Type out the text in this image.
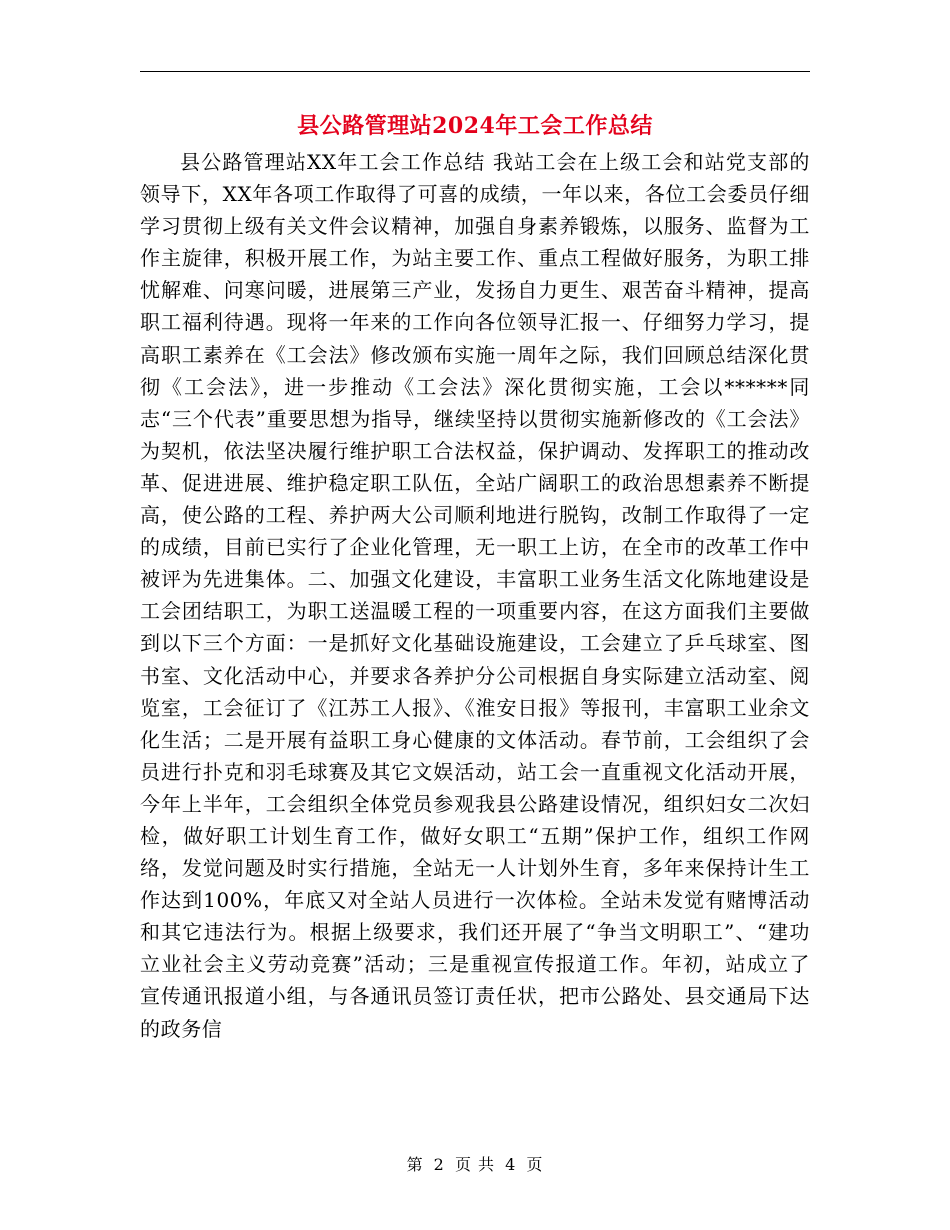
县公路管理站2024年工会工作总结

县公路管理站XX年工会工作总结 我站工会在上级工会和站党支部的领导下，XX年各项工作取得了可喜的成绩，一年以来，各位工会委员仔细学习贯彻上级有关文件会议精神，加强自身素养锻炼，以服务、监督为工作主旋律，积极开展工作，为站主要工作、重点工程做好服务，为职工排忧解难、问寒问暖，进展第三产业，发扬自力更生、艰苦奋斗精神，提高职工福利待遇。现将一年来的工作向各位领导汇报一、仔细努力学习，提高职工素养在《工会法》修改颁布实施一周年之际，我们回顾总结深化贯彻《工会法》，进一步推动《工会法》深化贯彻实施，工会以******同志“三个代表”重要思想为指导，继续坚持以贯彻实施新修改的《工会法》为契机，依法坚决履行维护职工合法权益，保护调动、发挥职工的推动改革、促进进展、维护稳定职工队伍，全站广阔职工的政治思想素养不断提高，使公路的工程、养护两大公司顺利地进行脱钩，改制工作取得了一定的成绩，目前已实行了企业化管理，无一职工上访，在全市的改革工作中被评为先进集体。二、加强文化建设，丰富职工业务生活文化陈地建设是工会团结职工，为职工送温暖工程的一项重要内容，在这方面我们主要做到以下三个方面：一是抓好文化基础设施建设，工会建立了乒乓球室、图书室、文化活动中心，并要求各养护分公司根据自身实际建立活动室、阅览室，工会征订了《江苏工人报》、《淮安日报》等报刊，丰富职工业余文化生活；二是开展有益职工身心健康的文体活动。春节前，工会组织了会员进行扑克和羽毛球赛及其它文娱活动，站工会一直重视文化活动开展，今年上半年，工会组织全体党员参观我县公路建设情况，组织妇女二次妇检，做好职工计划生育工作，做好女职工“五期”保护工作，组织工作网络，发觉问题及时实行措施，全站无一人计划外生育，多年来保持计生工作达到100%，年底又对全站人员进行一次体检。全站未发觉有赌博活动和其它违法行为。根据上级要求，我们还开展了“争当文明职工”、“建功立业社会主义劳动竞赛”活动；三是重视宣传报道工作。年初，站成立了宣传通讯报道小组，与各通讯员签订责任状，把市公路处、县交通局下达的政务信

第 2 页 共 4 页
